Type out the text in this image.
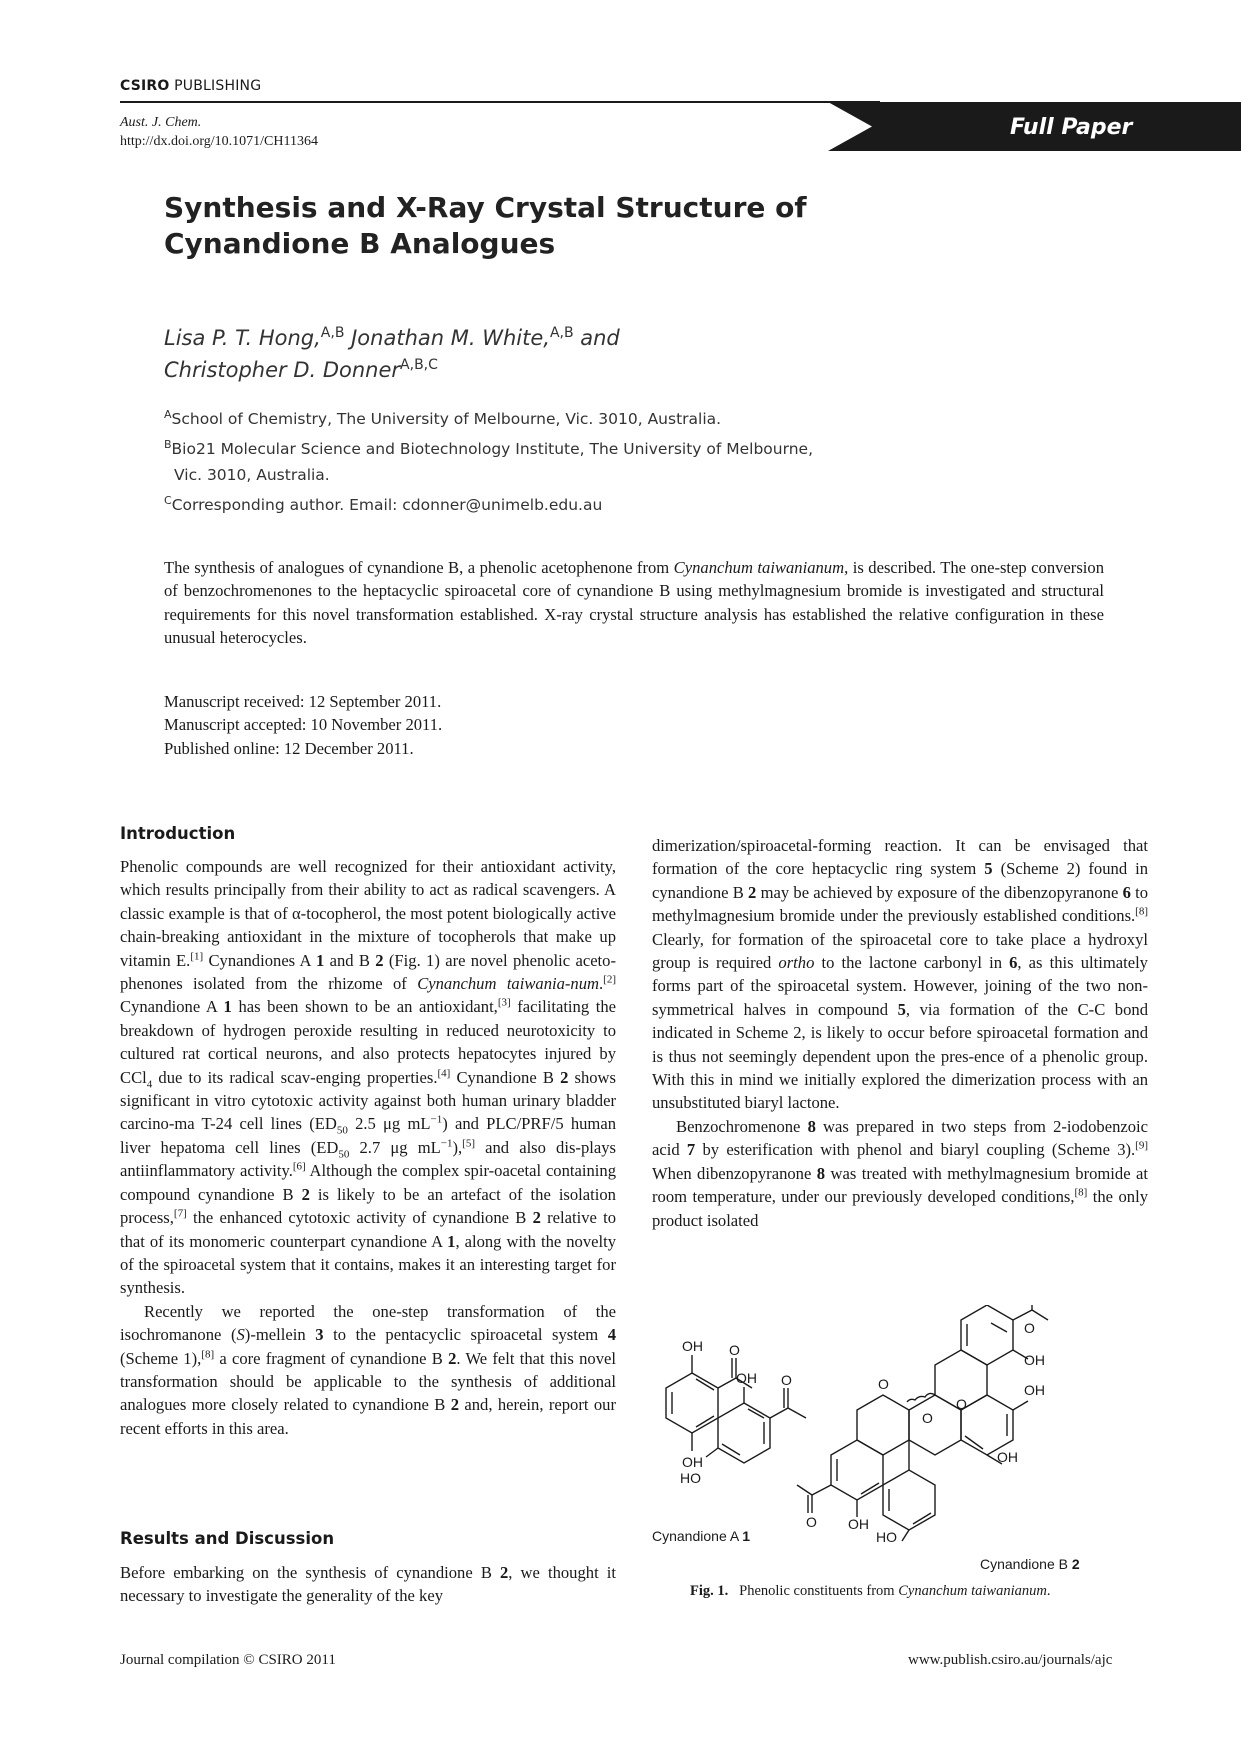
CSIRO PUBLISHING
Aust. J. Chem.
http://dx.doi.org/10.1071/CH11364
Full Paper
Synthesis and X-Ray Crystal Structure of Cynandione B Analogues
Lisa P. T. Hong,$^{A,B}$ Jonathan M. White,$^{A,B}$ and
Christopher D. Donner$^{A,B,C}$
$^A$School of Chemistry, The University of Melbourne, Vic. 3010, Australia.
$^B$Bio21 Molecular Science and Biotechnology Institute, The University of Melbourne,
Vic. 3010, Australia.
$^C$Corresponding author. Email: cdonner@unimelb.edu.au
The synthesis of analogues of cynandione B, a phenolic acetophenone from Cynanchum taiwanianum, is described. The one-step conversion of benzochromenones to the heptacyclic spiroacetal core of cynandione B using methylmagnesium bromide is investigated and structural requirements for this novel transformation established. X-ray crystal structure analysis has established the relative configuration in these unusual heterocycles.
Manuscript received: 12 September 2011.
Manuscript accepted: 10 November 2011.
Published online: 12 December 2011.
Introduction

Phenolic compounds are well recognized for their antioxidant activity, which results principally from their ability to act as radical scavengers. A classic example is that of α-tocopherol, the most potent biologically active chain-breaking antioxidant in the mixture of tocopherols that make up vitamin E.[1] Cynandiones A 1 and B 2 (Fig. 1) are novel phenolic aceto-phenones isolated from the rhizome of Cynanchum taiwania-num.[2] Cynandione A 1 has been shown to be an antioxidant,[3] facilitating the breakdown of hydrogen peroxide resulting in reduced neurotoxicity to cultured rat cortical neurons, and also protects hepatocytes injured by CCl$_4$ due to its radical scav-enging properties.[4] Cynandione B 2 shows significant in vitro cytotoxic activity against both human urinary bladder carcino-ma T-24 cell lines ($ED_{50}$ 2.5 μg $mL^{-1}$) and PLC/PRF/5 human liver hepatoma cell lines ($ED_{50}$ 2.7 μg $mL^{-1}),[5]$ and also dis-plays antiinflammatory activity.[6] Although the complex spir-oacetal containing compound cynandione B 2 is likely to be an artefact of the isolation process,[7] the enhanced cytotoxic activity of cynandione B 2 relative to that of its monomeric counterpart cynandione A 1, along with the novelty of the spiroacetal system that it contains, makes it an interesting target for synthesis.

Recently we reported the one-step transformation of the isochromanone (S)-mellein 3 to the pentacyclic spiroacetal system 4 (Scheme 1),[8] a core fragment of cynandione B 2. We felt that this novel transformation should be applicable to the synthesis of additional analogues more closely related to cynandione B 2 and, herein, report our recent efforts in this area.

Results and Discussion

Before embarking on the synthesis of cynandione B 2, we thought it necessary to investigate the generality of the key

dimerization/spiroacetal-forming reaction. It can be envisaged that formation of the core heptacyclic ring system 5 (Scheme 2) found in cynandione B 2 may be achieved by exposure of the dibenzopyranone 6 to methylmagnesium bromide under the previously established conditions.[8] Clearly, for formation of the spiroacetal core to take place a hydroxyl group is required ortho to the lactone carbonyl in 6, as this ultimately forms part of the spiroacetal system. However, joining of the two non-symmetrical halves in compound 5, via formation of the C-C bond indicated in Scheme 2, is likely to occur before spiroacetal formation and is thus not seemingly dependent upon the pres-ence of a phenolic group. With this in mind we initially explored the dimerization process with an unsubstituted biaryl lactone.

Benzochromenone 8 was prepared in two steps from 2-iodobenzoic acid 7 by esterification with phenol and biaryl coupling (Scheme 3).[9] When dibenzopyranone 8 was treated with methylmagnesium bromide at room temperature, under our previously developed conditions,[8] the only product isolated

OH O
OH O
OH
HO
OH
O
OH
OH
O
O
O
O OH
HO
Cynandione A 1
Cynandione B 2
Fig. 1. Phenolic constituents from Cynanchum taiwanianum.
Journal compilation © CSIRO 2011	www.publish.csiro.au/journals/ajc
